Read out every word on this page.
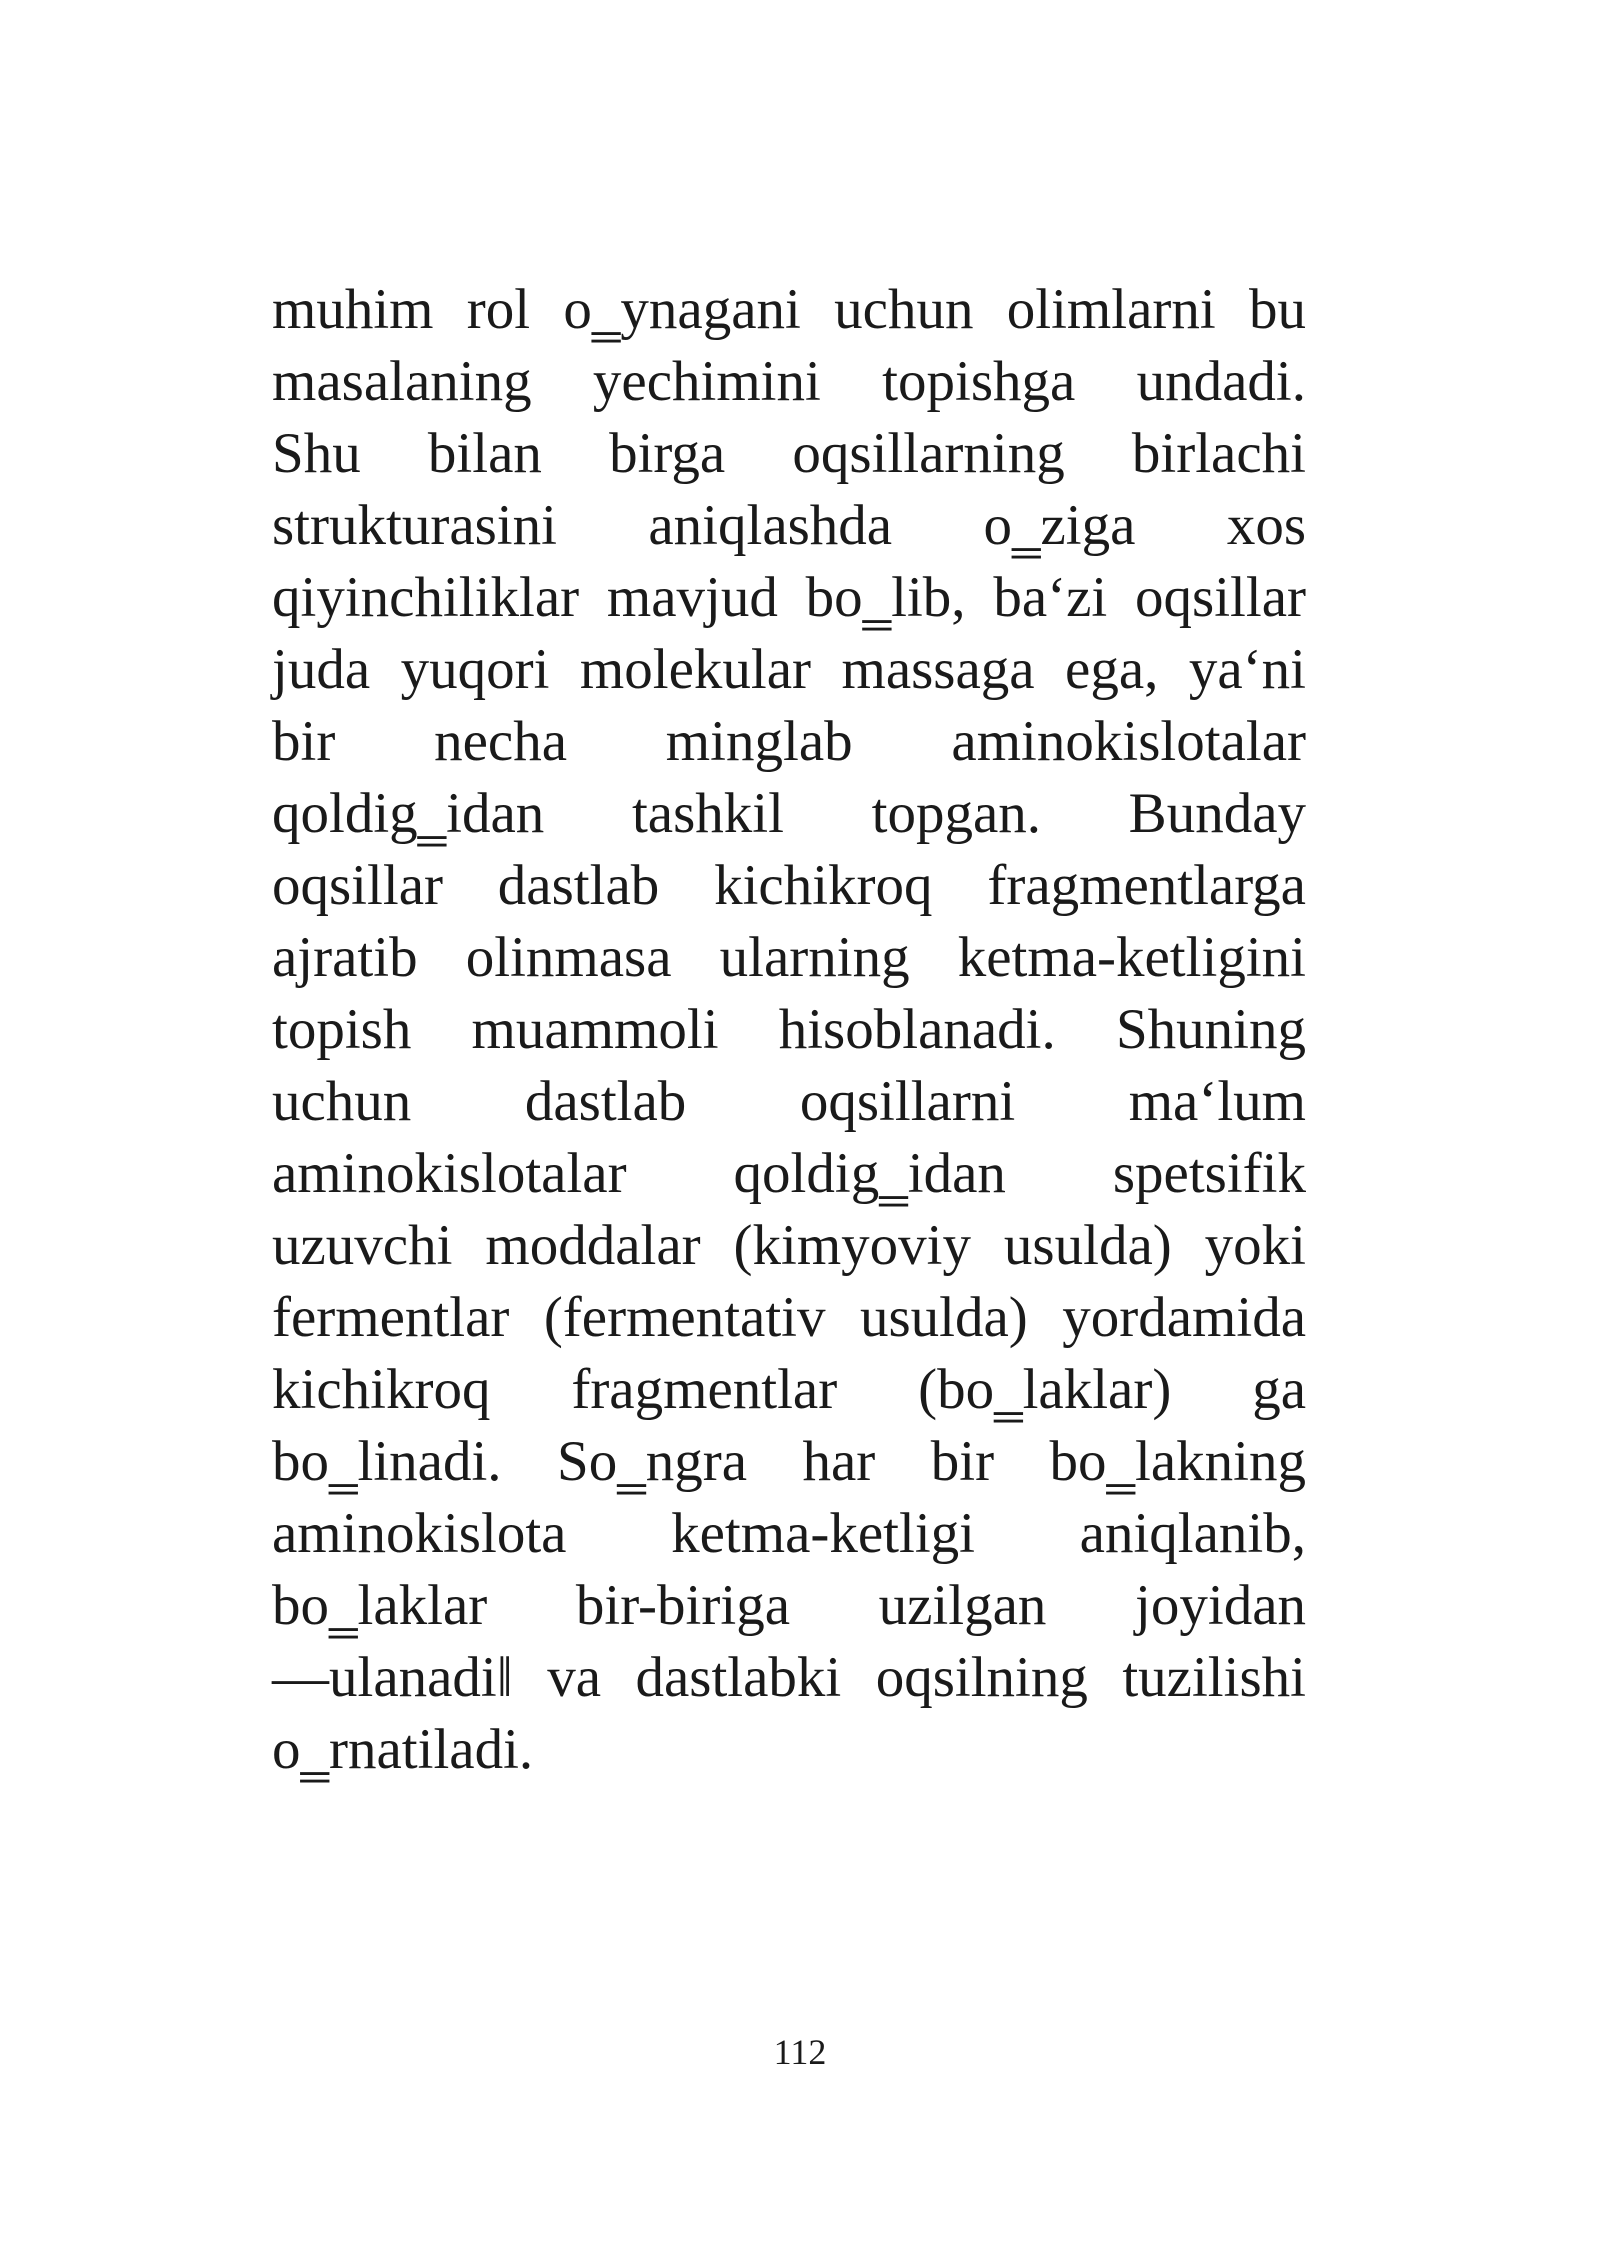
muhim rol o‗ynagani uchun olimlarni bu
masalaning yechimini topishga undadi.
Shu bilan birga oqsillarning birlachi
strukturasini aniqlashda o‗ziga xos
qiyinchiliklar mavjud bo‗lib, ba‘zi oqsillar
juda yuqori molekular massaga ega, ya‘ni
bir necha minglab aminokislotalar
qoldig‗idan tashkil topgan. Bunday
oqsillar dastlab kichikroq fragmentlarga
ajratib olinmasa ularning ketma-ketligini
topish muammoli hisoblanadi. Shuning
uchun dastlab oqsillarni ma‘lum
aminokislotalar qoldig‗idan spetsifik
uzuvchi moddalar (kimyoviy usulda) yoki
fermentlar (fermentativ usulda) yordamida
kichikroq fragmentlar (bo‗laklar) ga
bo‗linadi. So‗ngra har bir bo‗lakning
aminokislota ketma-ketligi aniqlanib,
bo‗laklar bir-biriga uzilgan joyidan
―ulanadi‖ va dastlabki oqsilning tuzilishi
o‗rnatiladi.
112
